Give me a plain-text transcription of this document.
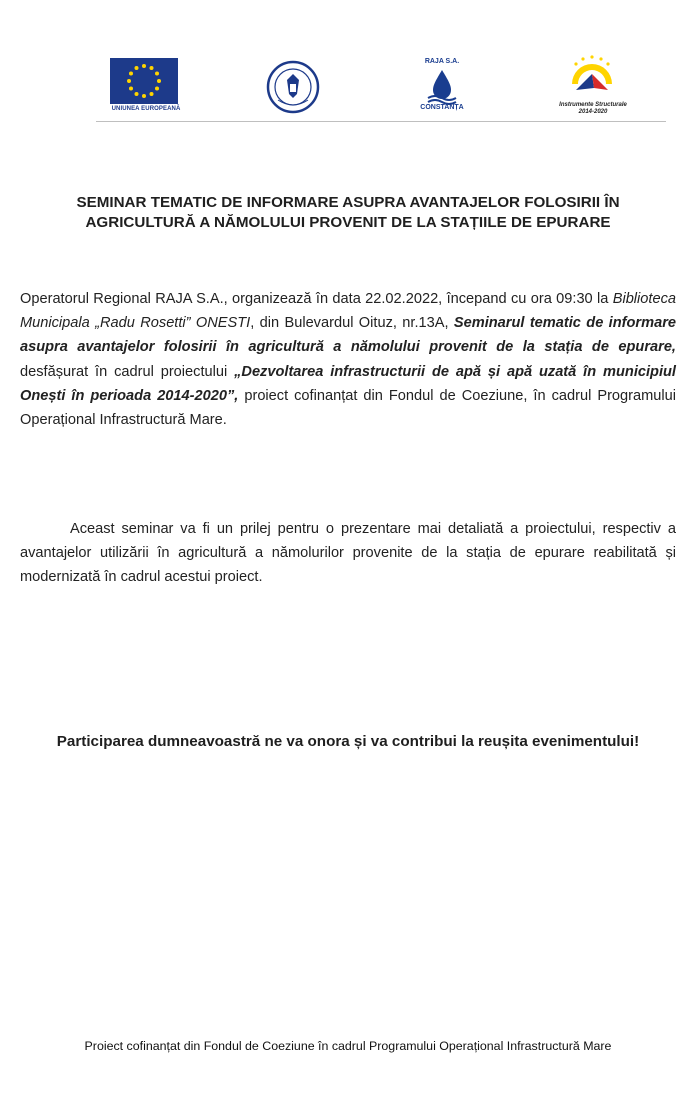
UNIUNEA EUROPEANĂ
RAJA S.A.
CONSTANȚA	Instrumente Structurale
2014-2020
SEMINAR TEMATIC DE INFORMARE ASUPRA AVANTAJELOR FOLOSIRII ÎN
AGRICULTURĂ A NĂMOLULUI PROVENIT DE LA STAȚIILE DE EPURARE
Operatorul Regional RAJA S.A., organizează în data 22.02.2022, începand cu ora 09:30 la Biblioteca Municipala „Radu Rosetti” ONESTI, din Bulevardul Oituz, nr.13A, Seminarul tematic de informare asupra avantajelor folosirii în agricultură a nămolului provenit de la stația de epurare, desfășurat în cadrul proiectului „Dezvoltarea infrastructurii de apă și apă uzată în municipiul Onești în perioada 2014-2020”, proiect cofinanțat din Fondul de Coeziune, în cadrul Programului Operațional Infrastructură Mare.
Aceast seminar va fi un prilej pentru o prezentare mai detaliată a proiectului, respectiv a avantajelor utilizării în agricultură a nămolurilor provenite de la stația de epurare reabilitată și modernizată în cadrul acestui proiect.
Participarea dumneavoastră ne va onora și va contribui la reușita evenimentului!
Proiect cofinanțat din Fondul de Coeziune în cadrul Programului Operațional Infrastructură Mare
